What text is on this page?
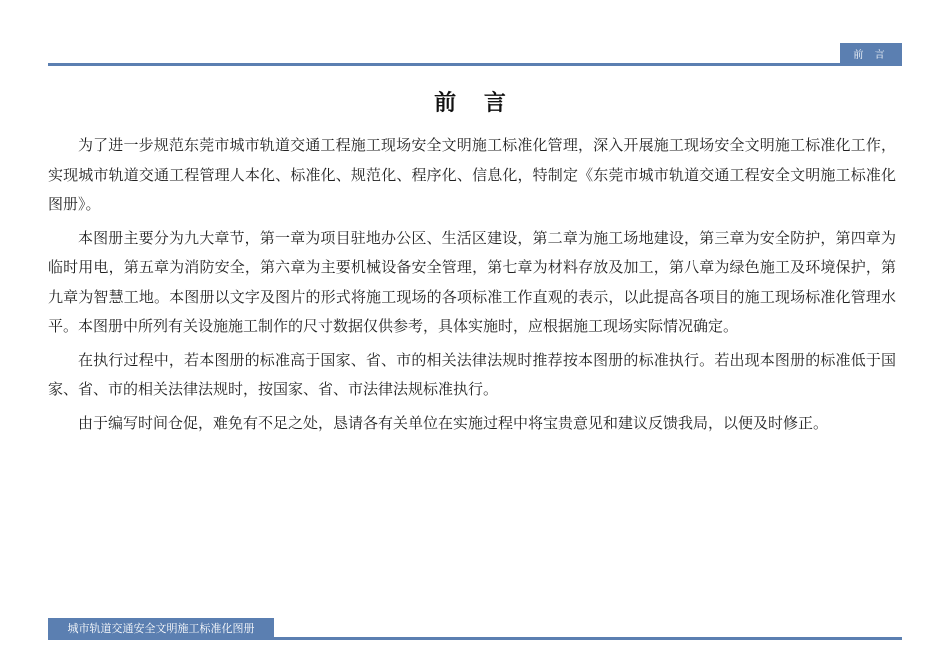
前 言
前 言

为了进一步规范东莞市城市轨道交通工程施工现场安全文明施工标准化管理，深入开展施工现场安全文明施工标准化工作，实现城市轨道交通工程管理人本化、标准化、规范化、程序化、信息化，特制定《东莞市城市轨道交通工程安全文明施工标准化图册》。

本图册主要分为九大章节，第一章为项目驻地办公区、生活区建设，第二章为施工场地建设，第三章为安全防护，第四章为临时用电，第五章为消防安全，第六章为主要机械设备安全管理，第七章为材料存放及加工，第八章为绿色施工及环境保护，第九章为智慧工地。本图册以文字及图片的形式将施工现场的各项标准工作直观的表示，以此提高各项目的施工现场标准化管理水平。本图册中所列有关设施施工制作的尺寸数据仅供参考，具体实施时，应根据施工现场实际情况确定。

在执行过程中，若本图册的标准高于国家、省、市的相关法律法规时推荐按本图册的标准执行。若出现本图册的标准低于国家、省、市的相关法律法规时，按国家、省、市法律法规标准执行。

由于编写时间仓促，难免有不足之处，恳请各有关单位在实施过程中将宝贵意见和建议反馈我局，以便及时修正。

城市轨道交通安全文明施工标准化图册
